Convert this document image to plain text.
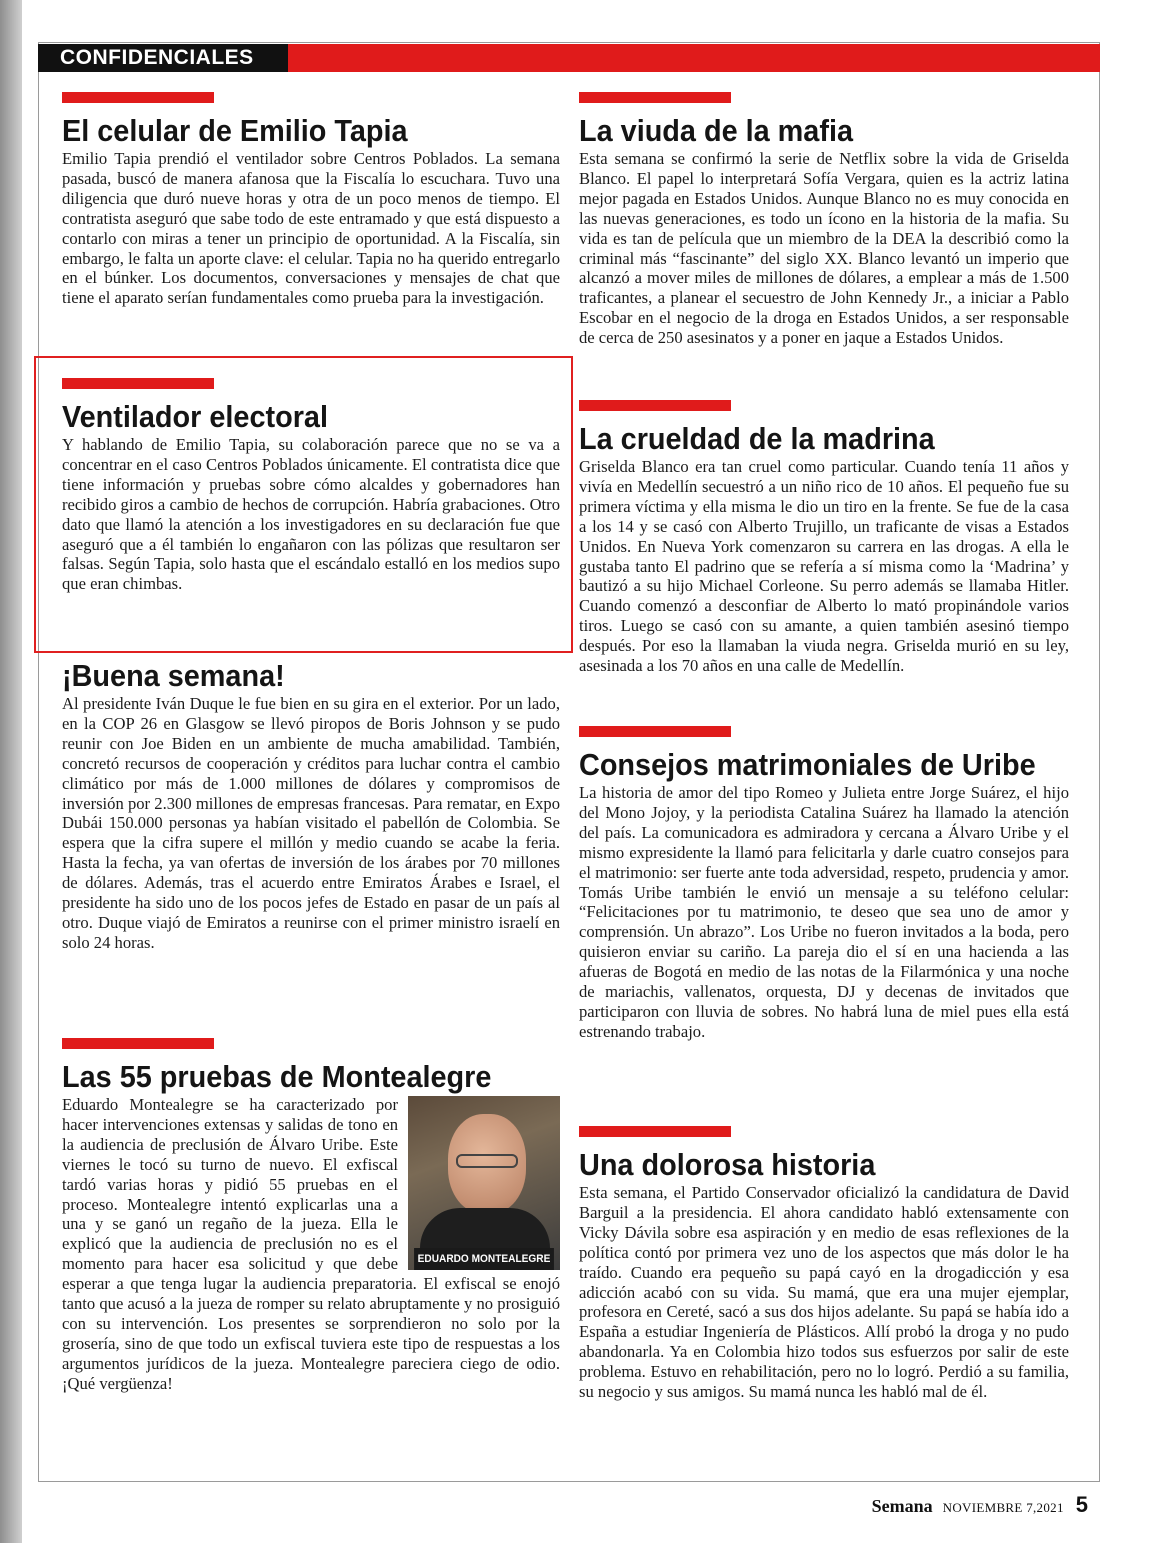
CONFIDENCIALES
El celular de Emilio Tapia

Emilio Tapia prendió el ventilador sobre Centros Poblados. La semana pasada, buscó de manera afanosa que la Fiscalía lo escuchara. Tuvo una diligencia que duró nueve horas y otra de un poco menos de tiempo. El contratista aseguró que sabe todo de este entramado y que está dispuesto a contarlo con miras a tener un principio de oportunidad. A la Fiscalía, sin embargo, le falta un aporte clave: el celular. Tapia no ha querido entregarlo en el búnker. Los documentos, conversaciones y mensajes de chat que tiene el aparato serían fundamentales como prueba para la investigación.

Ventilador electoral

Y hablando de Emilio Tapia, su colaboración parece que no se va a concentrar en el caso Centros Poblados únicamente. El contratista dice que tiene información y pruebas sobre cómo alcaldes y gobernadores han recibido giros a cambio de hechos de corrupción. Habría grabaciones. Otro dato que llamó la atención a los investigadores en su declaración fue que aseguró que a él también lo engañaron con las pólizas que resultaron ser falsas. Según Tapia, solo hasta que el escándalo estalló en los medios supo que eran chimbas.

¡Buena semana!

Al presidente Iván Duque le fue bien en su gira en el exterior. Por un lado, en la COP 26 en Glasgow se llevó piropos de Boris Johnson y se pudo reunir con Joe Biden en un ambiente de mucha amabilidad. También, concretó recursos de cooperación y créditos para luchar contra el cambio climático por más de 1.000 millones de dólares y compromisos de inversión por 2.300 millones de empresas francesas. Para rematar, en Expo Dubái 150.000 personas ya habían visitado el pabellón de Colombia. Se espera que la cifra supere el millón y medio cuando se acabe la feria. Hasta la fecha, ya van ofertas de inversión de los árabes por 70 millones de dólares. Además, tras el acuerdo entre Emiratos Árabes e Israel, el presidente ha sido uno de los pocos jefes de Estado en pasar de un país al otro. Duque viajó de Emiratos a reunirse con el primer ministro israelí en solo 24 horas.

Las 55 pruebas de Montealegre
EDUARDO MONTEALEGRE

Eduardo Montealegre se ha caracterizado por hacer intervenciones extensas y salidas de tono en la audiencia de preclusión de Álvaro Uribe. Este viernes le tocó su turno de nuevo. El exfiscal tardó varias horas y pidió 55 pruebas en el proceso. Montealegre intentó explicarlas una a una y se ganó un regaño de la jueza. Ella le explicó que la audiencia de preclusión no es el momento para hacer esa solicitud y que debe esperar a que tenga lugar la audiencia preparatoria. El exfiscal se enojó tanto que acusó a la jueza de romper su relato abruptamente y no prosiguió con su intervención. Los presentes se sorprendieron no solo por la grosería, sino de que todo un exfiscal tuviera este tipo de respuestas a los argumentos jurídicos de la jueza. Montealegre pareciera ciego de odio. ¡Qué vergüenza!

La viuda de la mafia

Esta semana se confirmó la serie de Netflix sobre la vida de Griselda Blanco. El papel lo interpretará Sofía Vergara, quien es la actriz latina mejor pagada en Estados Unidos. Aunque Blanco no es muy conocida en las nuevas generaciones, es todo un ícono en la historia de la mafia. Su vida es tan de película que un miembro de la DEA la describió como la criminal más “fascinante” del siglo XX. Blanco levantó un imperio que alcanzó a mover miles de millones de dólares, a emplear a más de 1.500 traficantes, a planear el secuestro de John Kennedy Jr., a iniciar a Pablo Escobar en el negocio de la droga en Estados Unidos, a ser responsable de cerca de 250 asesinatos y a poner en jaque a Estados Unidos.

La crueldad de la madrina

Griselda Blanco era tan cruel como particular. Cuando tenía 11 años y vivía en Medellín secuestró a un niño rico de 10 años. El pequeño fue su primera víctima y ella misma le dio un tiro en la frente. Se fue de la casa a los 14 y se casó con Alberto Trujillo, un traficante de visas a Estados Unidos. En Nueva York comenzaron su carrera en las drogas. A ella le gustaba tanto El padrino que se refería a sí misma como la ‘Madrina’ y bautizó a su hijo Michael Corleone. Su perro además se llamaba Hitler. Cuando comenzó a desconfiar de Alberto lo mató propinándole varios tiros. Luego se casó con su amante, a quien también asesinó tiempo después. Por eso la llamaban la viuda negra. Griselda murió en su ley, asesinada a los 70 años en una calle de Medellín.

Consejos matrimoniales de Uribe

La historia de amor del tipo Romeo y Julieta entre Jorge Suárez, el hijo del Mono Jojoy, y la periodista Catalina Suárez ha llamado la atención del país. La comunicadora es admiradora y cercana a Álvaro Uribe y el mismo expresidente la llamó para felicitarla y darle cuatro consejos para el matrimonio: ser fuerte ante toda adversidad, respeto, prudencia y amor. Tomás Uribe también le envió un mensaje a su teléfono celular: “Felicitaciones por tu matrimonio, te deseo que sea uno de amor y comprensión. Un abrazo”. Los Uribe no fueron invitados a la boda, pero quisieron enviar su cariño. La pareja dio el sí en una hacienda a las afueras de Bogotá en medio de las notas de la Filarmónica y una noche de mariachis, vallenatos, orquesta, DJ y decenas de invitados que participaron con lluvia de sobres. No habrá luna de miel pues ella está estrenando trabajo.

Una dolorosa historia

Esta semana, el Partido Conservador oficializó la candidatura de David Barguil a la presidencia. El ahora candidato habló extensamente con Vicky Dávila sobre esa aspiración y en medio de esas reflexiones de la política contó por primera vez uno de los aspectos que más dolor le ha traído. Cuando era pequeño su papá cayó en la drogadicción y esa adicción acabó con su vida. Su mamá, que era una mujer ejemplar, profesora en Cereté, sacó a sus dos hijos adelante. Su papá se había ido a España a estudiar Ingeniería de Plásticos. Allí probó la droga y no pudo abandonarla. Ya en Colombia hizo todos sus esfuerzos por salir de este problema. Estuvo en rehabilitación, pero no lo logró. Perdió a su familia, su negocio y sus amigos. Su mamá nunca les habló mal de él.

Semana NOVIEMBRE 7,2021 5
